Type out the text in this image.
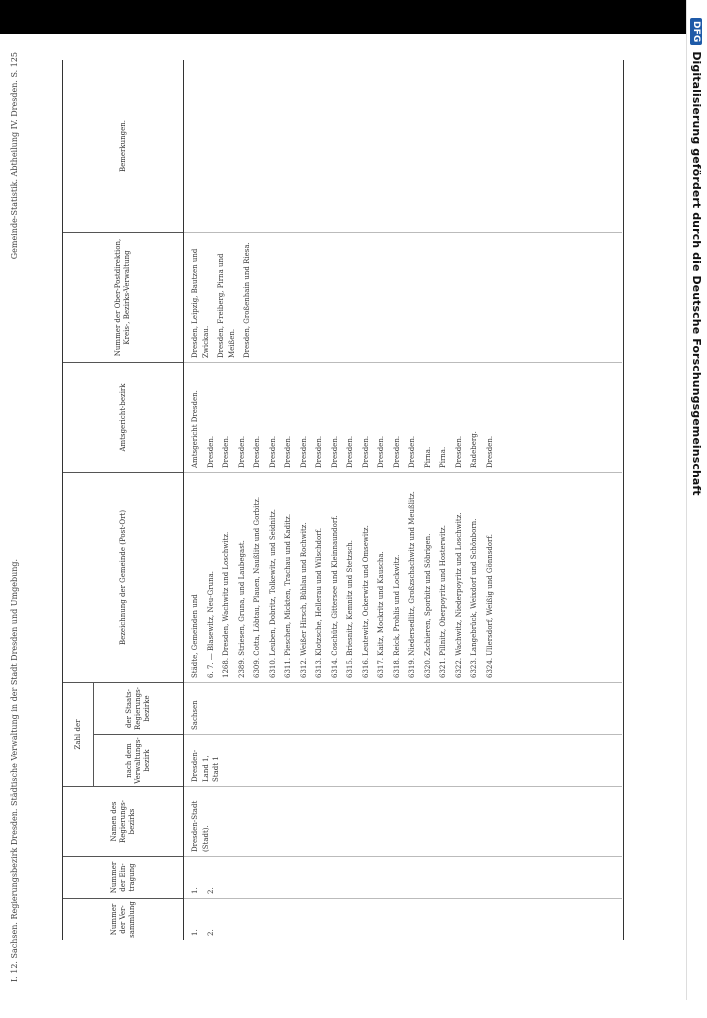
DFG
Digitalisierung gefördert durch die Deutsche Forschungsgemeinschaft
I. 12. Sachsen. Regierungsbezirk Dresden. Städtische Verwaltung in der Stadt Dresden und Umgebung.
Gemeinde-Statistik. Abtheilung IV. Dresden. S. 125
Nummer der Ver-sammlung
Nummer der Ein-tragung
Namen des Regierungs-bezirks
Zahl der
nach dem Verwaltungs-bezirk
der Staats-Regierungs-bezirke
Bezeichnung der Gemeinde (Post-Ort)
Amtsgericht-bezirk
Nummer der Ober-Postdirektion, Kreis-, Bezirks-Verwaltung
Bemerkungen.
1. 2.
1. 2.
Dresden-Stadt (Stadt).
Dresden-Land 1, Stadt 1
Sachsen
Städte, Gemeinden und 6. 7. — Blasewitz, Neu-Gruna. 1268. Dresden, Wachwitz und Loschwitz. 2389. Striesen, Gruna, und Laubegast. 6309. Cotta, Löbtau, Plauen, Naußlitz und Gorbitz. 6310. Leuben, Dobritz, Tolkewitz, und Seidnitz. 6311. Pieschen, Mickten, Trachau und Kaditz. 6312. Weißer Hirsch, Bühlau und Rochwitz. 6313. Klotzsche, Hellerau und Wilschdorf. 6314. Coschütz, Gittersee und Kleinnaundorf. 6315. Briesnitz, Kemnitz und Stetzsch. 6316. Leutewitz, Ockerwitz und Omsewitz. 6317. Kaitz, Mockritz und Kauscha. 6318. Reick, Prohlis und Lockwitz. 6319. Niedersedlitz, Großzschachwitz und Meußlitz. 6320. Zschieren, Sporbitz und Söbrigen. 6321. Pillnitz, Oberpoyritz und Hosterwitz. 6322. Wachwitz, Niederpoyritz und Loschwitz. 6323. Langebrück, Weixdorf und Schönborn. 6324. Ullersdorf, Weißig und Gönnsdorf.
Amtsgericht Dresden. Dresden. Dresden. Dresden. Dresden. Dresden. Dresden. Dresden. Dresden. Dresden. Dresden. Dresden. Dresden. Dresden. Dresden. Pirna. Pirna. Dresden. Radeberg. Dresden.
Dresden, Leipzig, Bautzen und Zwickau. Dresden, Freiberg, Pirna und Meißen. Dresden, Großenhain und Riesa.
